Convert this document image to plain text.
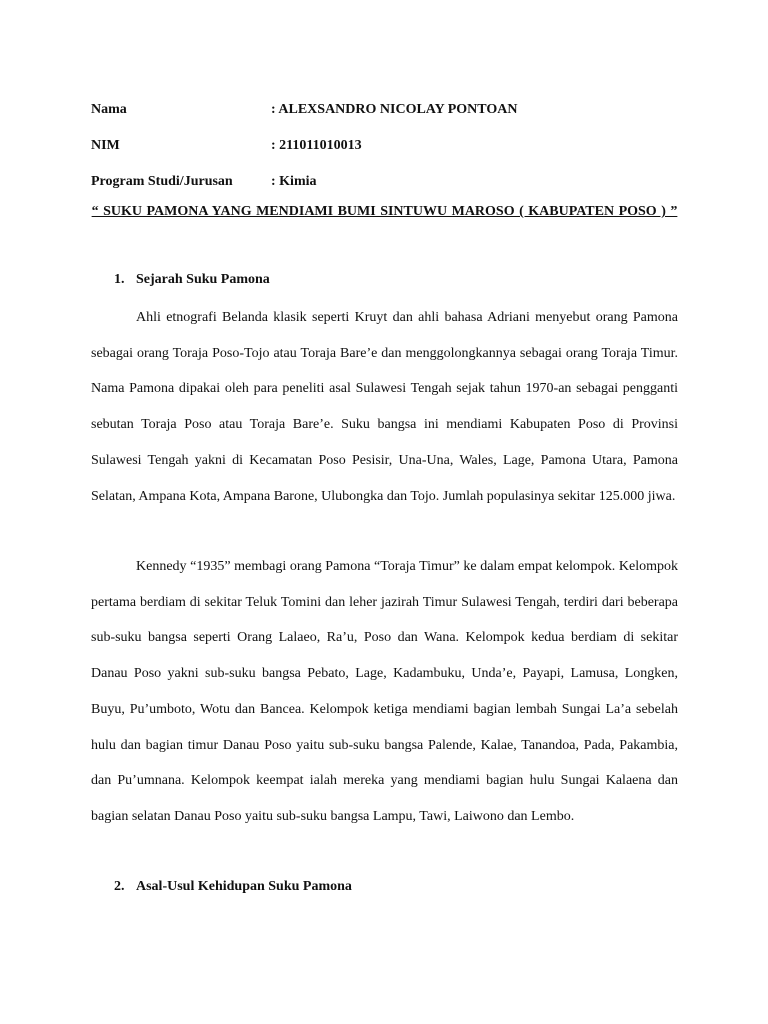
Nama	: ALEXSANDRO NICOLAY PONTOAN
NIM	: 211011010013
Program Studi/Jurusan	: Kimia
“ SUKU PAMONA YANG MENDIAMI BUMI SINTUWU MAROSO ( KABUPATEN POSO ) ”
1. Sejarah Suku Pamona

Ahli etnografi Belanda klasik seperti Kruyt dan ahli bahasa Adriani menyebut orang Pamona sebagai orang Toraja Poso-Tojo atau Toraja Bare’e dan menggolongkannya sebagai orang Toraja Timur. Nama Pamona dipakai oleh para peneliti asal Sulawesi Tengah sejak tahun 1970-an sebagai pengganti sebutan Toraja Poso atau Toraja Bare’e. Suku bangsa ini mendiami Kabupaten Poso di Provinsi Sulawesi Tengah yakni di Kecamatan Poso Pesisir, Una-Una, Wales, Lage, Pamona Utara, Pamona Selatan, Ampana Kota, Ampana Barone, Ulubongka dan Tojo. Jumlah populasinya sekitar 125.000 jiwa.

Kennedy “1935” membagi orang Pamona “Toraja Timur” ke dalam empat kelompok. Kelompok pertama berdiam di sekitar Teluk Tomini dan leher jazirah Timur Sulawesi Tengah, terdiri dari beberapa sub-suku bangsa seperti Orang Lalaeo, Ra’u, Poso dan Wana. Kelompok kedua berdiam di sekitar Danau Poso yakni sub-suku bangsa Pebato, Lage, Kadambuku, Unda’e, Payapi, Lamusa, Longken, Buyu, Pu’umboto, Wotu dan Bancea. Kelompok ketiga mendiami bagian lembah Sungai La’a sebelah hulu dan bagian timur Danau Poso yaitu sub-suku bangsa Palende, Kalae, Tanandoa, Pada, Pakambia, dan Pu’umnana. Kelompok keempat ialah mereka yang mendiami bagian hulu Sungai Kalaena dan bagian selatan Danau Poso yaitu sub-suku bangsa Lampu, Tawi, Laiwono dan Lembo.

2. Asal-Usul Kehidupan Suku Pamona
